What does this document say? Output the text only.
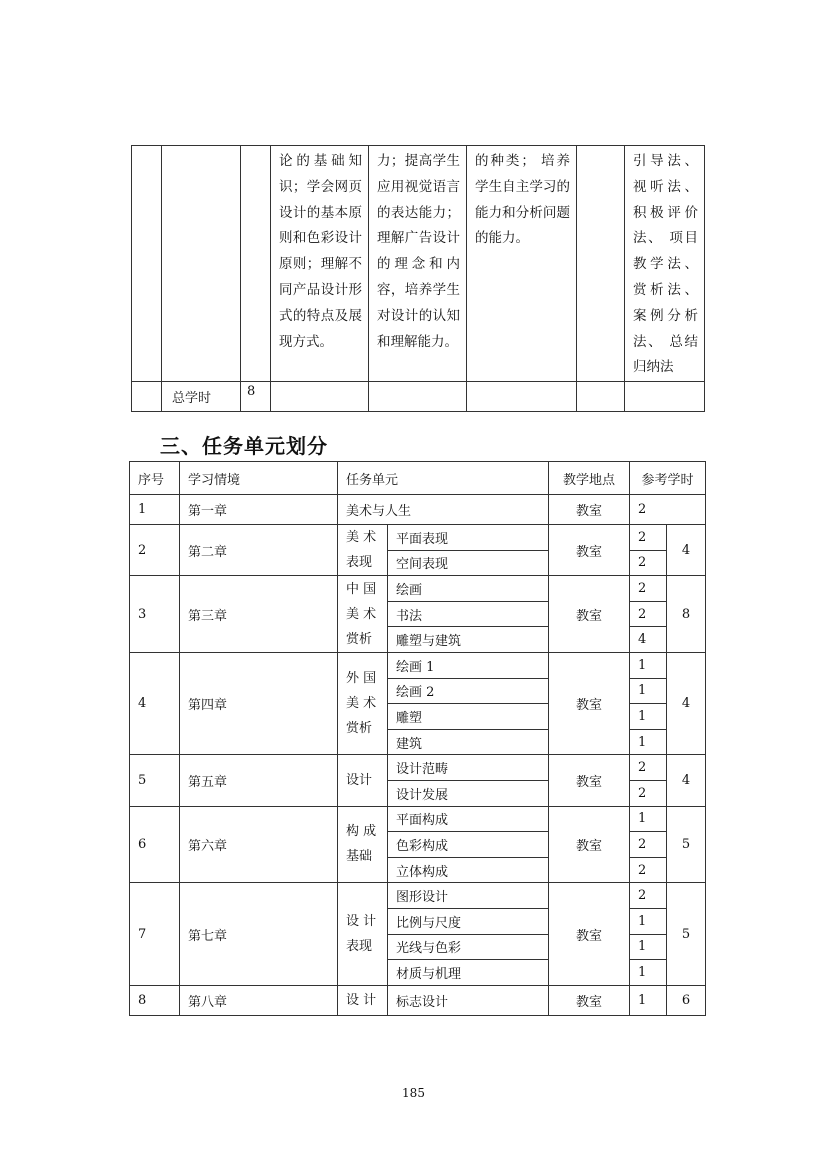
			论的基础知识；学会网页设计的基本原则和色彩设计原则；理解不同产品设计形式的特点及展现方式。	力；提高学生应用视觉语言的表达能力；理解广告设计的理念和内容，培养学生对设计的认知和理解能力。	的种类； 培养学生自主学习的能力和分析问题的能力。		引导法、视听法、积极评价法、 项目教学法、赏析法、案例分析法、 总结归纳法

	总学时	8					
三、任务单元划分
序号	学习情境	任务单元		教学地点	参考学时	
1	第一章	美术与人生		教室	2	
2	第二章	美 术 表现	平面表现	教室	2	4
			空间表现		2	
3	第三章	中 国 美 术 赏析	绘画	教室	2	8
			书法		2	
			雕塑与建筑		4	
4	第四章	外 国 美 术 赏析	绘画 1	教室	1	4
			绘画 2		1	
			雕塑		1	
			建筑		1	
5	第五章	设计	设计范畴	教室	2	4
			设计发展		2	
6	第六章	构 成 基础	平面构成	教室	1	5
			色彩构成		2	
			立体构成		2	
7	第七章	设 计 表现	图形设计	教室	2	5
			比例与尺度		1	
			光线与色彩		1	
			材质与机理		1	
8	第八章	设 计	标志设计	教室	1	6
185
